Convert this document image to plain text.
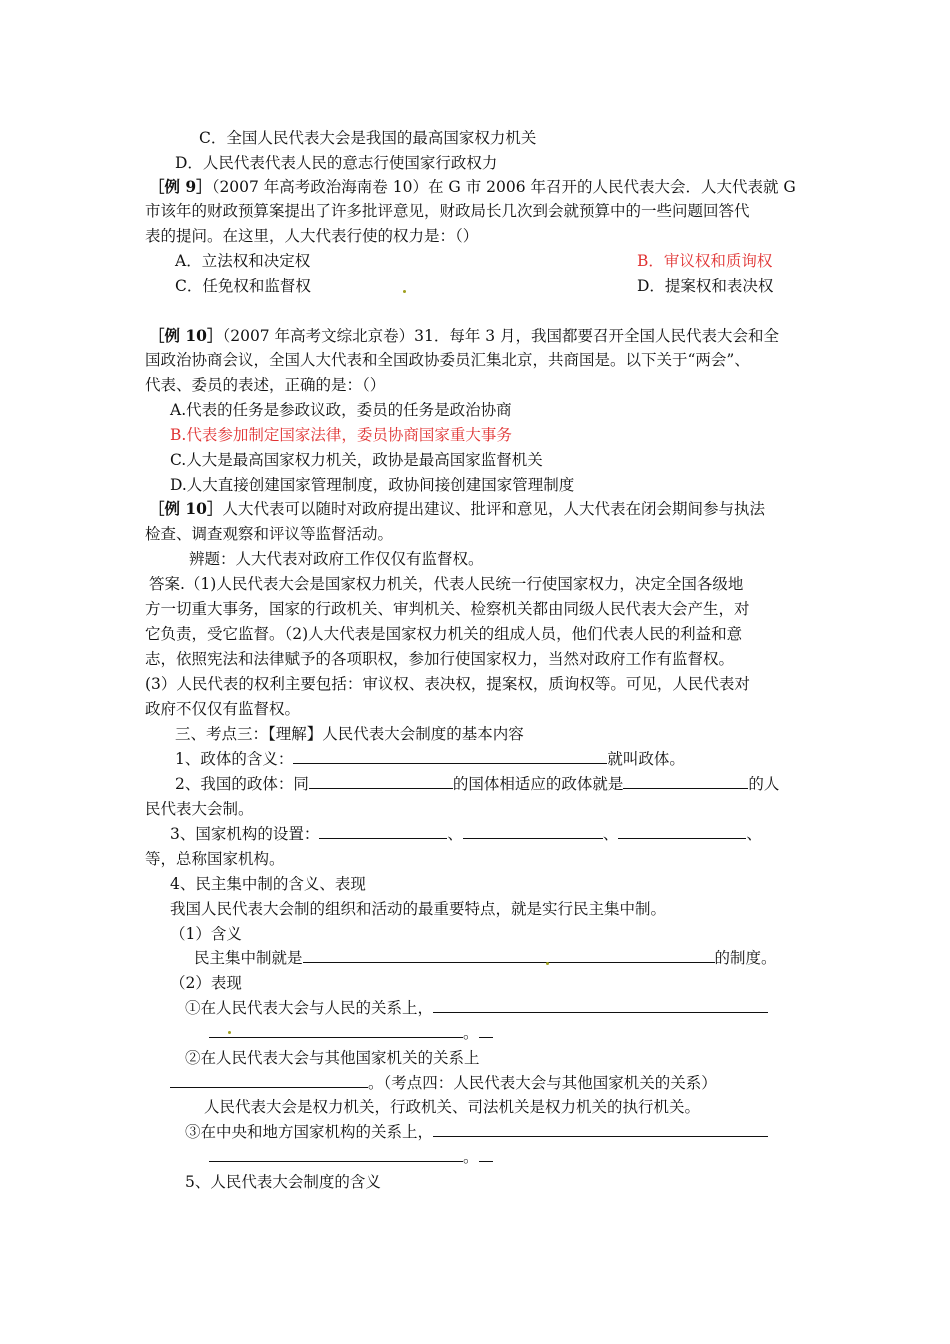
C．全国人民代表大会是我国的最高国家权力机关
D．人民代表代表人民的意志行使国家行政权力
［例 9］（2007 年高考政治海南卷 10）在 G 市 2006 年召开的人民代表大会．人大代表就 G
市该年的财政预算案提出了许多批评意见，财政局长几次到会就预算中的一些问题回答代
表的提问。在这里，人大代表行使的权力是：（）
A．立法权和决定权	B．审议权和质询权
C．任免权和监督权	D．提案权和表决权
［例 10］（2007 年高考文综北京卷）31．每年 3 月，我国都要召开全国人民代表大会和全
国政治协商会议，全国人大代表和全国政协委员汇集北京，共商国是。以下关于“两会”、
代表、委员的表述，正确的是：（）
A.代表的任务是参政议政，委员的任务是政治协商
B.代表参加制定国家法律，委员协商国家重大事务
C.人大是最高国家权力机关，政协是最高国家监督机关
D.人大直接创建国家管理制度，政协间接创建国家管理制度
［例 10］人大代表可以随时对政府提出建议、批评和意见，人大代表在闭会期间参与执法
检查、调查观察和评议等监督活动。
辨题：人大代表对政府工作仅仅有监督权。
答案.（1)人民代表大会是国家权力机关，代表人民统一行使国家权力，决定全国各级地
方一切重大事务，国家的行政机关、审判机关、检察机关都由同级人民代表大会产生，对
它负责，受它监督。（2)人大代表是国家权力机关的组成人员，他们代表人民的利益和意
志，依照宪法和法律赋予的各项职权，参加行使国家权力，当然对政府工作有监督权。
(3）人民代表的权利主要包括：审议权、表决权，提案权，质询权等。可见，人民代表对
政府不仅仅有监督权。
三、考点三：【理解】人民代表大会制度的基本内容
1、政体的含义：	就叫政体。
2、我国的政体：同	的国体相适应的政体就是	的人
民代表大会制。
3、国家机构的设置：	、	、	、
等，总称国家机构。
4、民主集中制的含义、表现
我国人民代表大会制的组织和活动的最重要特点，就是实行民主集中制。
（1）含义
民主集中制就是	的制度。
（2）表现
①在人民代表大会与人民的关系上，
。
②在人民代表大会与其他国家机关的关系上
。（考点四：人民代表大会与其他国家机关的关系）
人民代表大会是权力机关，行政机关、司法机关是权力机关的执行机关。
③在中央和地方国家机构的关系上，
。
5、人民代表大会制度的含义
